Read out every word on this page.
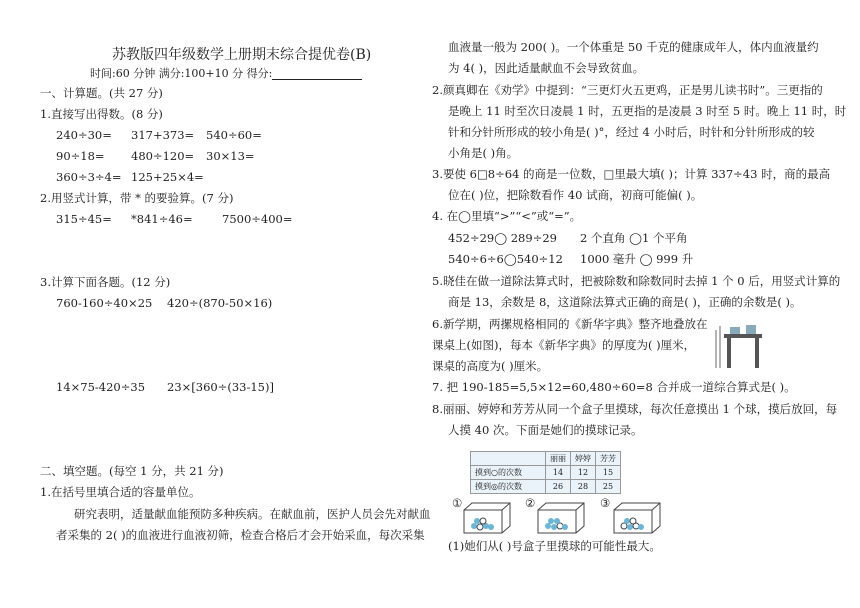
苏教版四年级数学上册期末综合提优卷(B)
时间:60 分钟 满分:100+10 分 得分:
一、计算题。(共 27 分)
1.直接写出得数。(8 分)
240÷30= 317+373= 540÷60=
90÷18= 480÷120= 30×13=
360÷3÷4= 125+25×4=
2.用竖式计算，带 * 的要验算。(7 分)
315÷45= *841÷46=	7500÷400=
3.计算下面各题。(12 分)
760-160÷40×25 420÷(870-50×16)
14×75-420÷35 23×[360÷(33-15)]
二、填空题。(每空 1 分，共 21 分)
1.在括号里填合适的容量单位。
研究表明，适量献血能预防多种疾病。在献血前，医护人员会先对献血
者采集的 2( )的血液进行血液初筛，检查合格后才会开始采血，每次采集
血液量一般为 200( )。一个体重是 50 千克的健康成年人，体内血液量约
为 4( )，因此适量献血不会导致贫血。
2.颜真卿在《劝学》中提到：“三更灯火五更鸡，正是男儿读书时”。三更指的
是晚上 11 时至次日凌晨 1 时，五更指的是凌晨 3 时至 5 时。晚上 11 时，时
针和分针所形成的较小角是( )°，经过 4 小时后，时针和分针所形成的较
小角是( )角。
3.要使 6□8÷64 的商是一位数，□里最大填( )；计算 337÷43 时，商的最高
位在( )位，把除数看作 40 试商，初商可能偏( )。
4. 在◯里填“>”“<”或“=”。
452÷29◯ 289÷29 2 个直角 ◯1 个平角
540÷6÷6◯540÷12 1000 毫升 ◯ 999 升
5.晓佳在做一道除法算式时，把被除数和除数同时去掉 1 个 0 后，用竖式计算的
商是 13，余数是 8，这道除法算式正确的商是( )，正确的余数是( )。
6.新学期，两摞规格相同的《新华字典》整齐地叠放在
课桌上(如图)，每本《新华字典》的厚度为( )厘米，
课桌的高度为( )厘米。
7. 把 190-185=5,5×12=60,480÷60=8 合并成一道综合算式是( )。
8.丽丽、婷婷和芳芳从同一个盒子里摸球，每次任意摸出 1 个球，摸后放回，每
人摸 40 次。下面是她们的摸球记录。
	丽丽	婷婷	芳芳
摸到○的次数	14	12	15
摸到◎的次数	26	28	25
①	②	③
(1)她们从( )号盒子里摸球的可能性最大。
